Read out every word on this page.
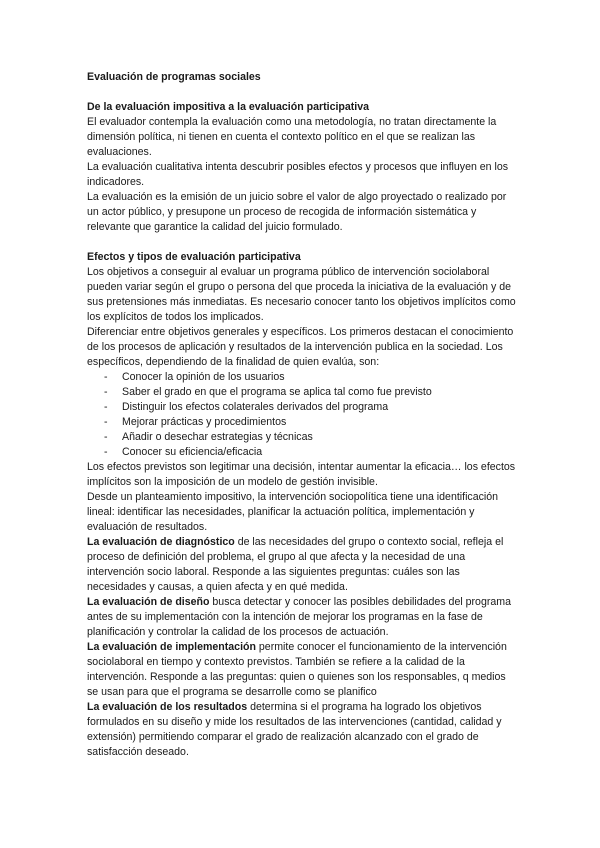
Evaluación de programas sociales

De la evaluación impositiva a la evaluación participativa

El evaluador contempla la evaluación como una metodología, no tratan directamente la dimensión política, ni tienen en cuenta el contexto político en el que se realizan las evaluaciones.

La evaluación cualitativa intenta descubrir posibles efectos y procesos que influyen en los indicadores.

La evaluación es la emisión de un juicio sobre el valor de algo proyectado o realizado por un actor público, y presupone un proceso de recogida de información sistemática y relevante que garantice la calidad del juicio formulado.

Efectos y tipos de evaluación participativa

Los objetivos a conseguir al evaluar un programa público de intervención sociolaboral pueden variar según el grupo o persona del que proceda la iniciativa de la evaluación y de sus pretensiones más inmediatas. Es necesario conocer tanto los objetivos implícitos como los explícitos de todos los implicados.

Diferenciar entre objetivos generales y específicos. Los primeros destacan el conocimiento de los procesos de aplicación y resultados de la intervención publica en la sociedad. Los específicos, dependiendo de la finalidad de quien evalúa, son:

- Conocer la opinión de los usuarios
- Saber el grado en que el programa se aplica tal como fue previsto
- Distinguir los efectos colaterales derivados del programa
- Mejorar prácticas y procedimientos
- Añadir o desechar estrategias y técnicas
- Conocer su eficiencia/eficacia

Los efectos previstos son legitimar una decisión, intentar aumentar la eficacia… los efectos implícitos son la imposición de un modelo de gestión invisible.

Desde un planteamiento impositivo, la intervención sociopolítica tiene una identificación lineal: identificar las necesidades, planificar la actuación política, implementación y evaluación de resultados.

La evaluación de diagnóstico de las necesidades del grupo o contexto social, refleja el proceso de definición del problema, el grupo al que afecta y la necesidad de una intervención socio laboral. Responde a las siguientes preguntas: cuáles son las necesidades y causas, a quien afecta y en qué medida.

La evaluación de diseño busca detectar y conocer las posibles debilidades del programa antes de su implementación con la intención de mejorar los programas en la fase de planificación y controlar la calidad de los procesos de actuación.

La evaluación de implementación permite conocer el funcionamiento de la intervención sociolaboral en tiempo y contexto previstos. También se refiere a la calidad de la intervención. Responde a las preguntas: quien o quienes son los responsables, q medios se usan para que el programa se desarrolle como se planifico

La evaluación de los resultados determina si el programa ha logrado los objetivos formulados en su diseño y mide los resultados de las intervenciones (cantidad, calidad y extensión) permitiendo comparar el grado de realización alcanzado con el grado de satisfacción deseado.
